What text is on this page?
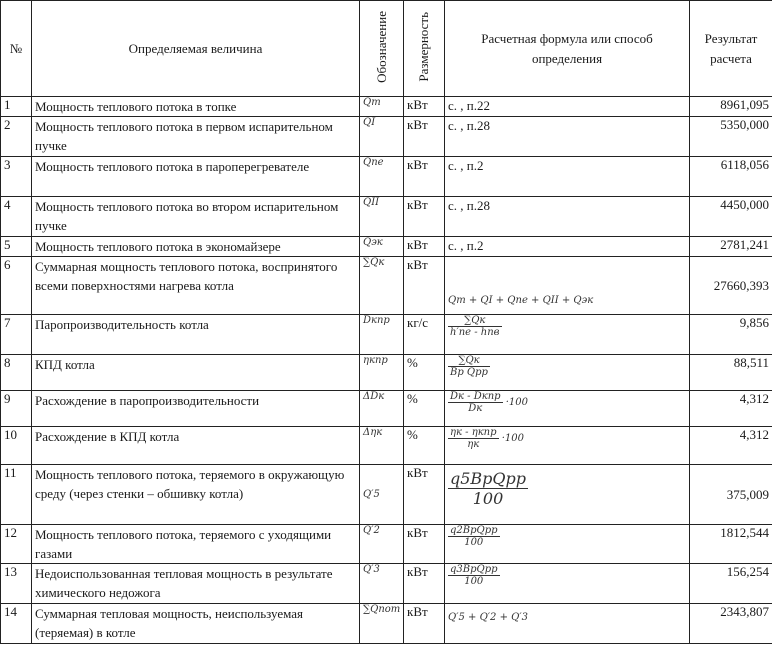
№	Определяемая величина	Обозначение	Размерность	Расчетная формула или способ определения	Результат расчета
1	Мощность теплового потока в топке	Qт	кВт	с. , п.22	8961,095
2	Мощность теплового потока в первом испарительном пучке	QI	кВт	с. , п.28	5350,000
3	Мощность теплового потока в пароперегревателе	Qпе	кВт	с. , п.2	6118,056
4	Мощность теплового потока во втором испарительном пучке	QII	кВт	с. , п.28	4450,000
5	Мощность теплового потока в экономайзере	Qэк	кВт	с. , п.2	2781,241
6	Суммарная мощность теплового потока, воспринятого всеми поверхностями нагрева котла	∑Qк	кВт	Qт + QI + Qпе + QII + Qэк	27660,393
7	Паропроизводительность котла	Dкпр	кг/с	$\frac{\sum Qк}{\text{h′пе - hпв}}$	9,856
8	КПД котла	ηкпр	%	$\frac{\sum Qк}{\text{Bр Qрр}}$	88,511
9	Расхождение в паропроизводительности	ΔDк	%	$\frac{\text{Dк - Dкпр}}{Dк} \cdot 100$	4,312
10	Расхождение в КПД котла	Δηк	%	$\frac{\text{ηк - ηкпр}}{\eta к} \cdot 100$	4,312
11	Мощность теплового потока, теряемого в окружающую среду (через стенки – обшивку котла)	Q′5	кВт	$\frac{\text{q5BpQpp}}{100}$	375,009
12	Мощность теплового потока, теряемого с уходящими газами	Q′2	кВт	$\frac{\text{q2BpQpp}}{100}$	1812,544
13	Недоиспользованная тепловая мощность в результате химического недожога	Q′3	кВт	$\frac{\text{q3BpQpp}}{100}$	156,254
14	Суммарная тепловая мощность, неиспользуемая (теряемая) в котле	∑Qпот	кВт	Q′5 + Q′2 + Q′3	2343,807
